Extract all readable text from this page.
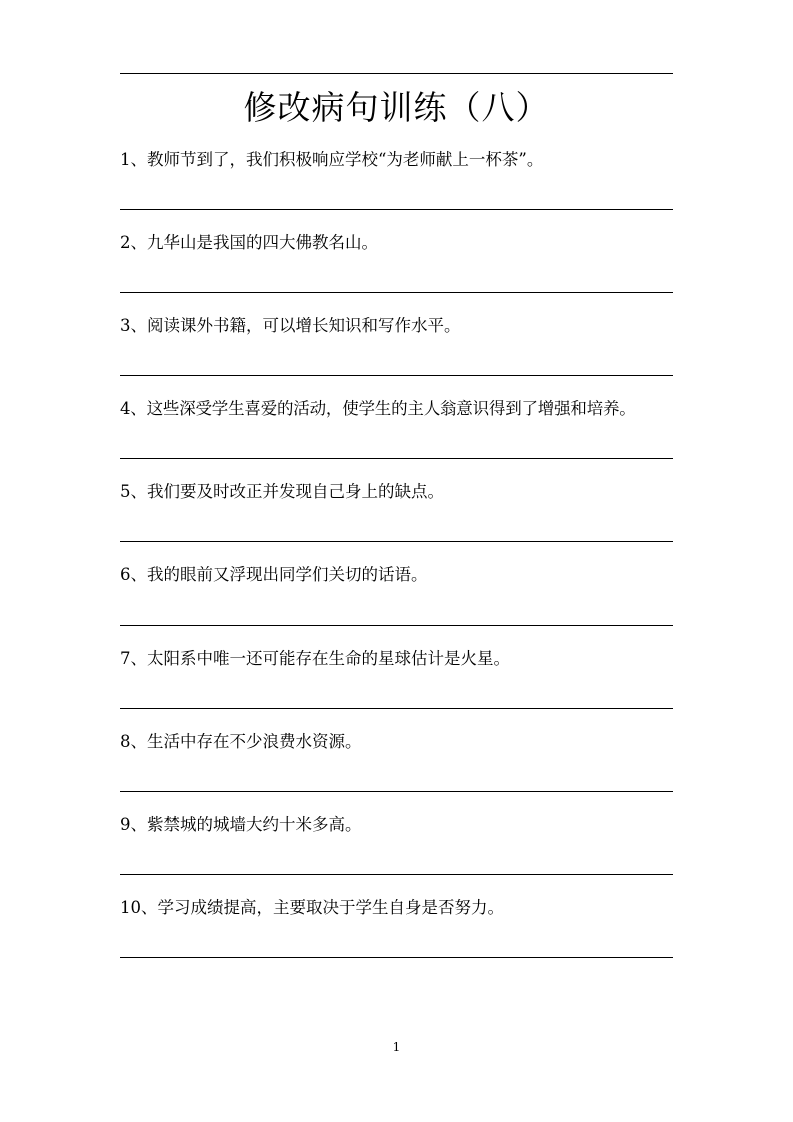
修改病句训练（八）
1、教师节到了，我们积极响应学校“为老师献上一杯茶”。
2、九华山是我国的四大佛教名山。
3、阅读课外书籍，可以增长知识和写作水平。
4、这些深受学生喜爱的活动，使学生的主人翁意识得到了增强和培养。
5、我们要及时改正并发现自己身上的缺点。
6、我的眼前又浮现出同学们关切的话语。
7、太阳系中唯一还可能存在生命的星球估计是火星。
8、生活中存在不少浪费水资源。
9、紫禁城的城墙大约十米多高。
10、学习成绩提高，主要取决于学生自身是否努力。
1
